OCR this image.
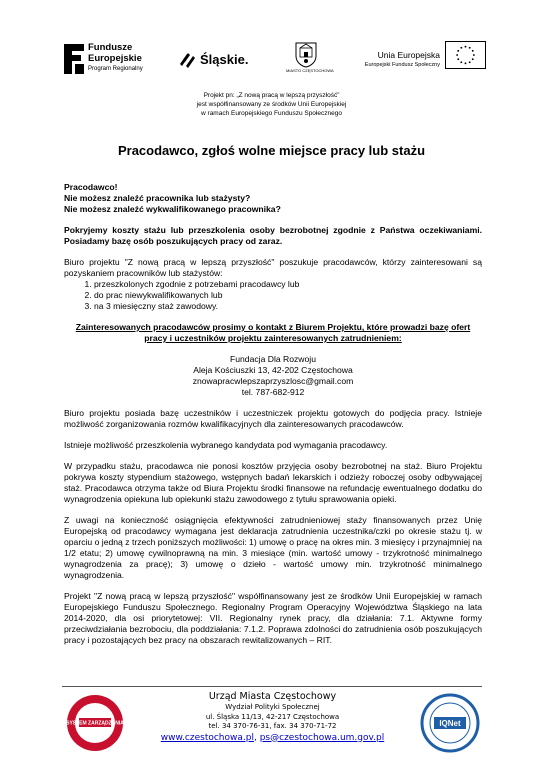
Fundusze
Europejskie
Program Regionalny
Śląskie.
MIASTO CZĘSTOCHOWA
Unia Europejska
Europejski Fundusz Społeczny
Projekt pn: „Z nową pracą w lepszą przyszłość”
jest współfinansowany ze środków Unii Europejskiej
w ramach Europejskiego Funduszu Społecznego
Pracodawco, zgłoś wolne miejsce pracy lub stażu

Pracodawco!
Nie możesz znaleźć pracownika lub stażysty?
Nie możesz znaleźć wykwalifikowanego pracownika?

Pokryjemy koszty stażu lub przeszkolenia osoby bezrobotnej zgodnie z Państwa oczekiwaniami. Posiadamy bazę osób poszukujących pracy od zaraz.

Biuro projektu "Z nową pracą w lepszą przyszłość" poszukuje pracodawców, którzy zainteresowani są pozyskaniem pracowników lub stażystów:

1. przeszkolonych zgodnie z potrzebami pracodawcy lub
2. do prac niewykwalifikowanych lub
3. na 3 miesięczny staż zawodowy.

Zainteresowanych pracodawców prosimy o kontakt z Biurem Projektu, które prowadzi bazę ofert pracy i uczestników projektu zainteresowanych zatrudnieniem:

Fundacja Dla Rozwoju
Aleja Kościuszki 13, 42-202 Częstochowa
znowapracwlepszaprzyszlosc@gmail.com
tel. 787-682-912

Biuro projektu posiada bazę uczestników i uczestniczek projektu gotowych do podjęcia pracy. Istnieje możliwość zorganizowania rozmów kwalifikacyjnych dla zainteresowanych pracodawców.

Istnieje możliwość przeszkolenia wybranego kandydata pod wymagania pracodawcy.

W przypadku stażu, pracodawca nie ponosi kosztów przyjęcia osoby bezrobotnej na staż. Biuro Projektu pokrywa koszty stypendium stażowego, wstępnych badań lekarskich i odzieży roboczej osoby odbywającej staż. Pracodawca otrzyma także od Biura Projektu środki finansowe na refundację ewentualnego dodatku do wynagrodzenia opiekuna lub opiekunki stażu zawodowego z tytułu sprawowania opieki.

Z uwagi na konieczność osiągnięcia efektywności zatrudnieniowej staży finansowanych przez Unię Europejską od pracodawcy wymagana jest deklaracja zatrudnienia uczestnika/czki po okresie stażu tj. w oparciu o jedną z trzech poniższych możliwości: 1) umowę o pracę na okres min. 3 miesięcy i przynajmniej na 1/2 etatu; 2) umowę cywilnoprawną na min. 3 miesiące (min. wartość umowy - trzykrotność minimalnego wynagrodzenia za pracę); 3) umowę o dzieło - wartość umowy min. trzykrotność minimalnego wynagrodzenia.

Projekt "Z nową pracą w lepszą przyszłość" współfinansowany jest ze środków Unii Europejskiej w ramach Europejskiego Funduszu Społecznego. Regionalny Program Operacyjny Województwa Śląskiego na lata 2014-2020, dla osi priorytetowej: VII. Regionalny rynek pracy, dla działania: 7.1. Aktywne formy przeciwdziałania bezrobociu, dla poddziałania: 7.1.2. Poprawa zdolności do zatrudnienia osób poszukujących pracy i pozostających bez pracy na obszarach rewitalizowanych – RIT.

SYSTEM ZARZĄDZANIA
Urząd Miasta Częstochowy
Wydział Polityki Społecznej
ul. Śląska 11/13, 42-217 Częstochowa
tel. 34 370-76-31, fax. 34 370-71-72
www.czestochowa.pl, ps@czestochowa.um.gov.pl
IQNet
